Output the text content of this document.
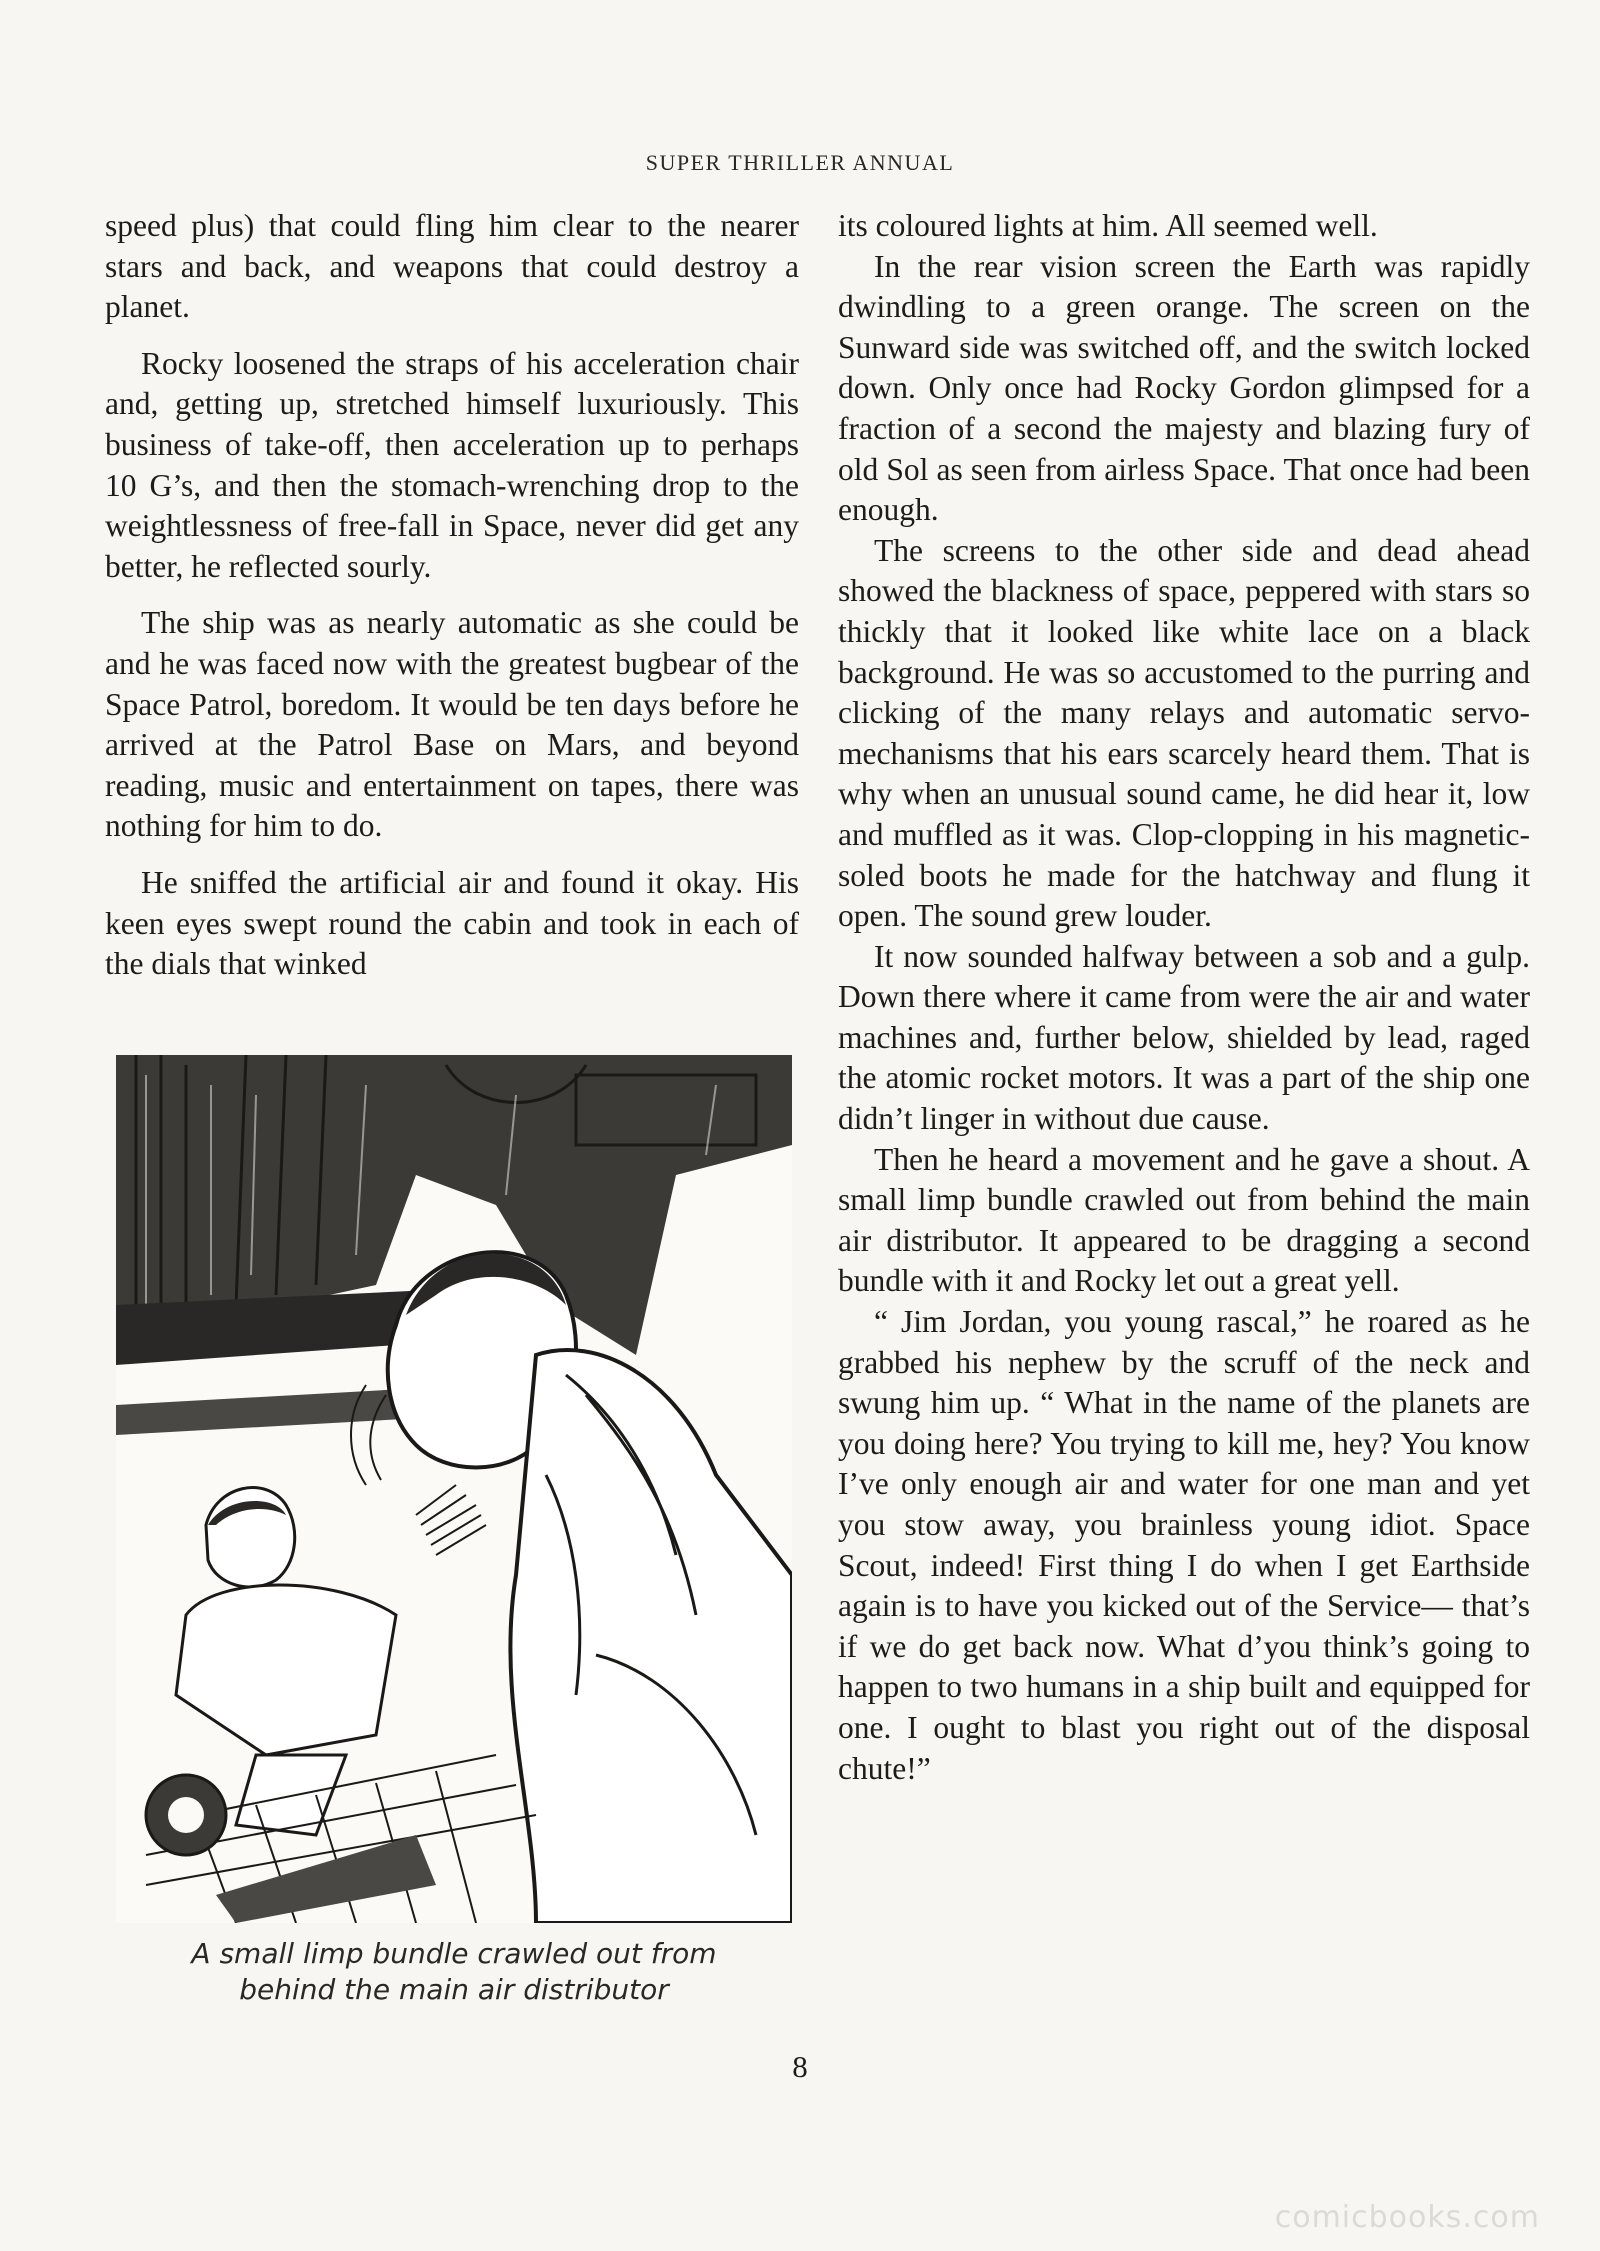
SUPER THRILLER ANNUAL

speed plus) that could fling him clear to the nearer stars and back, and weapons that could destroy a planet.

Rocky loosened the straps of his acceleration chair and, getting up, stretched himself luxuriously. This business of take-off, then acceleration up to perhaps 10 G’s, and then the stomach-wrenching drop to the weightlessness of free-fall in Space, never did get any better, he reflected sourly.

The ship was as nearly automatic as she could be and he was faced now with the greatest bugbear of the Space Patrol, boredom. It would be ten days before he arrived at the Patrol Base on Mars, and beyond reading, music and entertainment on tapes, there was nothing for him to do.

He sniffed the artificial air and found it okay. His keen eyes swept round the cabin and took in each of the dials that winked

A small limp bundle crawled out from
behind the main air distributor

its coloured lights at him. All seemed well.

In the rear vision screen the Earth was rapidly dwindling to a green orange. The screen on the Sunward side was switched off, and the switch locked down. Only once had Rocky Gordon glimpsed for a fraction of a second the majesty and blazing fury of old Sol as seen from airless Space. That once had been enough.

The screens to the other side and dead ahead showed the blackness of space, peppered with stars so thickly that it looked like white lace on a black background. He was so accustomed to the purring and clicking of the many relays and automatic servo-mechanisms that his ears scarcely heard them. That is why when an unusual sound came, he did hear it, low and muffled as it was. Clop-clopping in his magnetic-soled boots he made for the hatchway and flung it open. The sound grew louder.

It now sounded halfway between a sob and a gulp. Down there where it came from were the air and water machines and, further below, shielded by lead, raged the atomic rocket motors. It was a part of the ship one didn’t linger in without due cause.

Then he heard a movement and he gave a shout. A small limp bundle crawled out from behind the main air distributor. It appeared to be dragging a second bundle with it and Rocky let out a great yell.

“ Jim Jordan, you young rascal,” he roared as he grabbed his nephew by the scruff of the neck and swung him up. “ What in the name of the planets are you doing here? You trying to kill me, hey? You know I’ve only enough air and water for one man and yet you stow away, you brainless young idiot. Space Scout, indeed! First thing I do when I get Earthside again is to have you kicked out of the Service— that’s if we do get back now. What d’you think’s going to happen to two humans in a ship built and equipped for one. I ought to blast you right out of the disposal chute!”

8
comicbooks.com
